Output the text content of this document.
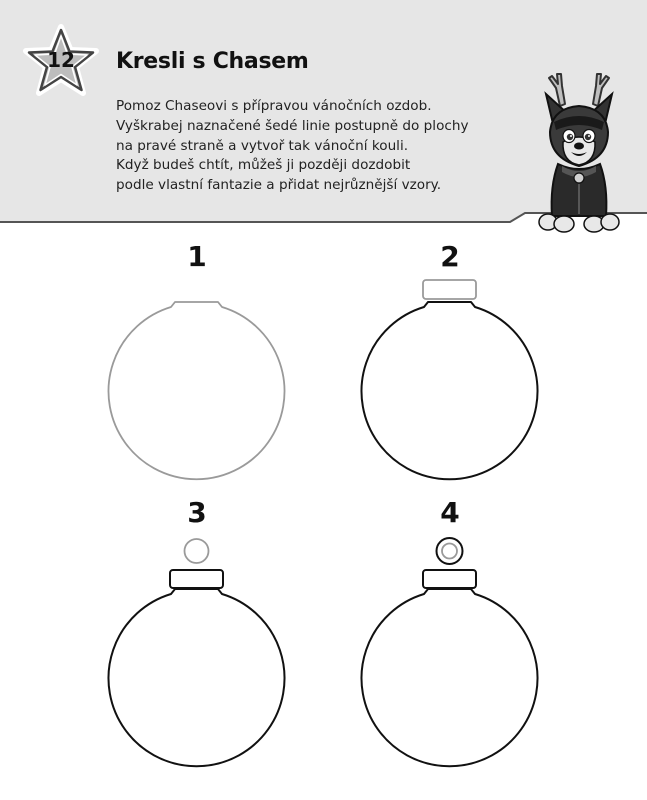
12	Kresli s Chasem
Pomoz Chaseovi s přípravou vánočních ozdob.
Vyškrabej naznačené šedé linie postupně do plochy
na pravé straně a vytvoř tak vánoční kouli.
Když budeš chtít, můžeš ji později dozdobit
podle vlastní fantazie a přidat nejrůznější vzory.
1	2
3	4
